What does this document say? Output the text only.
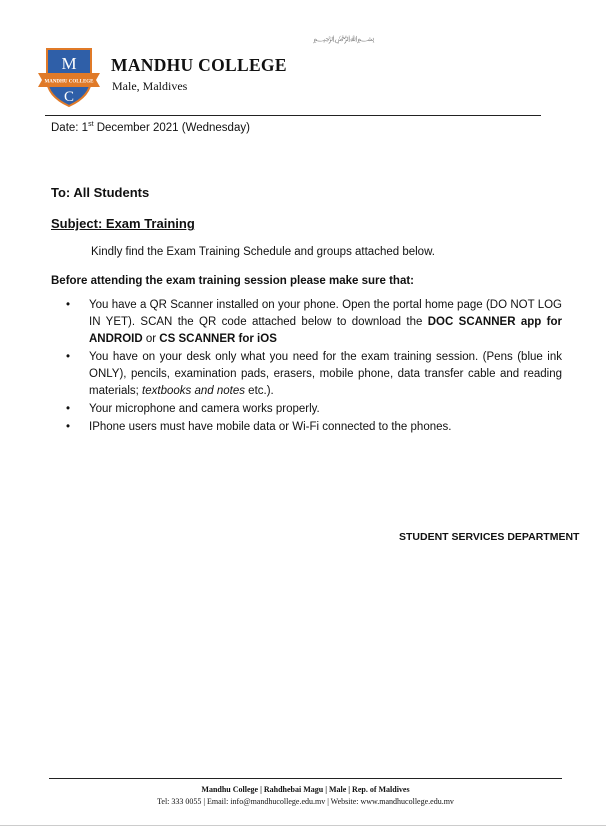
M
MANDHU COLLEGE
C
﷽
MANDHU COLLEGE
Male, Maldives
Date: 1st December 2021 (Wednesday)
To: All Students
Subject: Exam Training
Kindly find the Exam Training Schedule and groups attached below.
Before attending the exam training session please make sure that:
• You have a QR Scanner installed on your phone. Open the portal home page (DO NOT LOG IN YET). SCAN the QR code attached below to download the DOC SCANNER app for ANDROID or CS SCANNER for iOS
• You have on your desk only what you need for the exam training session. (Pens (blue ink ONLY), pencils, examination pads, erasers, mobile phone, data transfer cable and reading materials; textbooks and notes etc.).
• Your microphone and camera works properly.
• IPhone users must have mobile data or Wi-Fi connected to the phones.
STUDENT SERVICES DEPARTMENT
Mandhu College | Rahdhebai Magu | Male | Rep. of Maldives
Tel: 333 0055 | Email: info@mandhucollege.edu.mv | Website: www.mandhucollege.edu.mv
